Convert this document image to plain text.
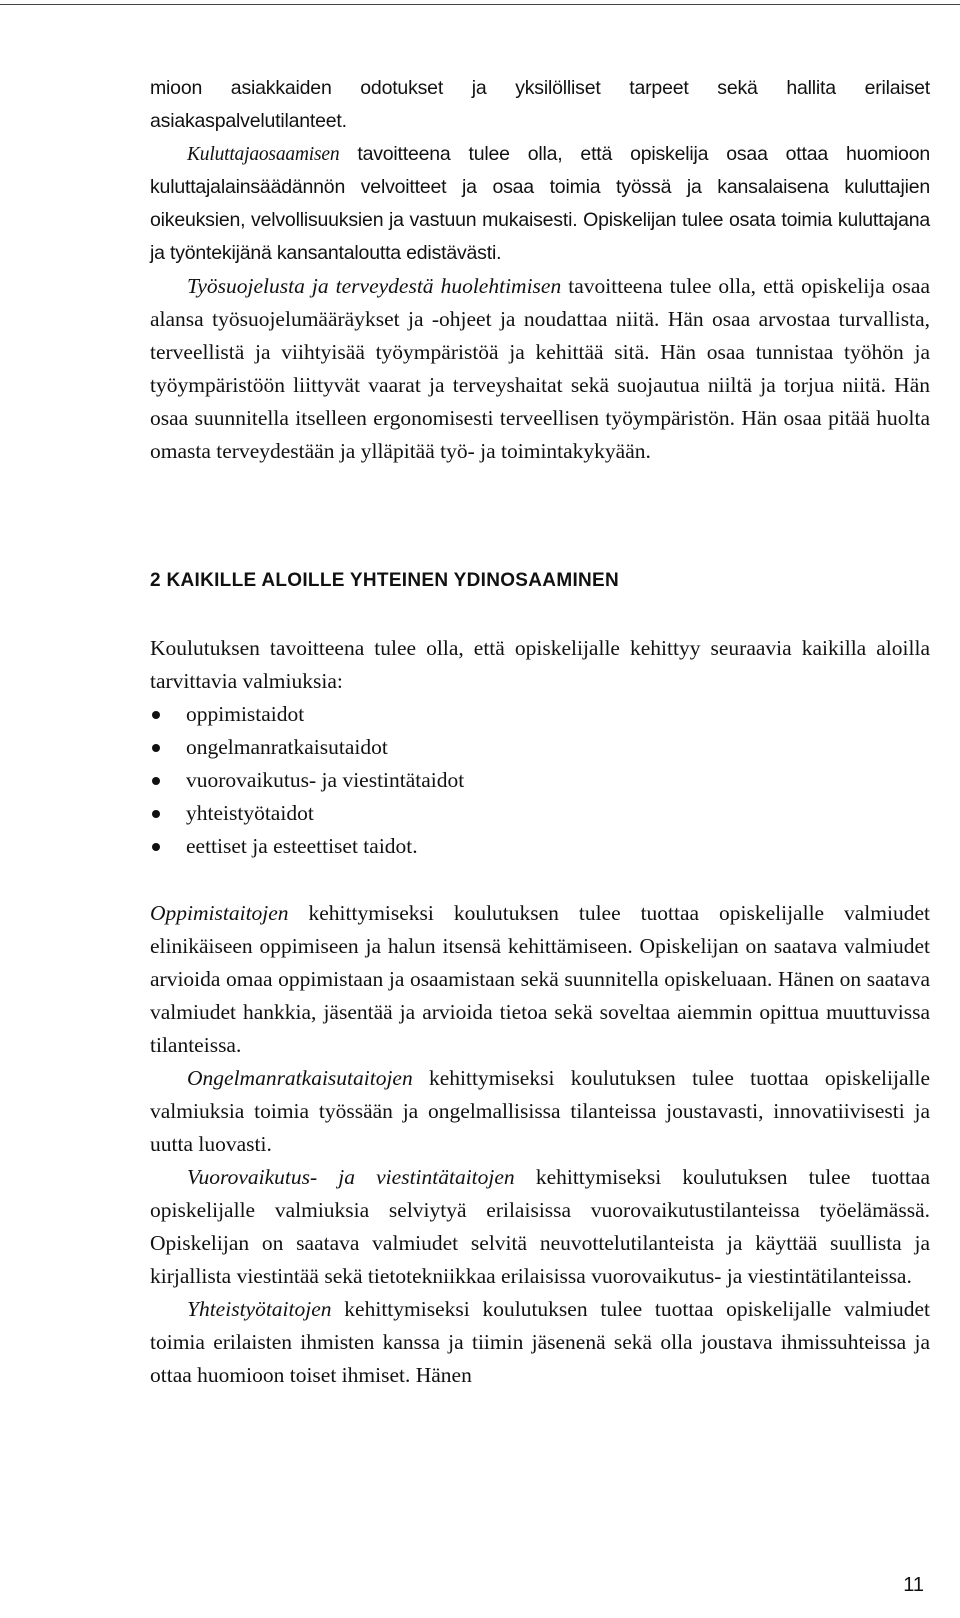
mioon asiakkaiden odotukset ja yksilölliset tarpeet sekä hallita erilaiset asiakaspalvelutilanteet.

Kuluttajaosaamisen tavoitteena tulee olla, että opiskelija osaa ottaa huomioon kuluttajalainsäädännön velvoitteet ja osaa toimia työssä ja kansalaisena kuluttajien oikeuksien, velvollisuuksien ja vastuun mukaisesti. Opiskelijan tulee osata toimia kuluttajana ja työntekijänä kansantaloutta edistävästi.

Työsuojelusta ja terveydestä huolehtimisen tavoitteena tulee olla, että opiskelija osaa alansa työsuojelumääräykset ja -ohjeet ja noudattaa niitä. Hän osaa arvostaa turvallista, terveellistä ja viihtyisää työympäristöä ja kehittää sitä. Hän osaa tunnistaa työhön ja työympäristöön liittyvät vaarat ja terveyshaitat sekä suojautua niiltä ja torjua niitä. Hän osaa suunnitella itselleen ergonomisesti terveellisen työympäristön. Hän osaa pitää huolta omasta terveydestään ja ylläpitää työ- ja toimintakykyään.

2 KAIKILLE ALOILLE YHTEINEN YDINOSAAMINEN

Koulutuksen tavoitteena tulee olla, että opiskelijalle kehittyy seuraavia kaikilla aloilla tarvittavia valmiuksia:

oppimistaidot
ongelmanratkaisutaidot
vuorovaikutus- ja viestintätaidot
yhteistyötaidot
eettiset ja esteettiset taidot.

Oppimistaitojen kehittymiseksi koulutuksen tulee tuottaa opiskelijalle valmiudet elinikäiseen oppimiseen ja halun itsensä kehittämiseen. Opiskelijan on saatava valmiudet arvioida omaa oppimistaan ja osaamistaan sekä suunnitella opiskeluaan. Hänen on saatava valmiudet hankkia, jäsentää ja arvioida tietoa sekä soveltaa aiemmin opittua muuttuvissa tilanteissa.

Ongelmanratkaisutaitojen kehittymiseksi koulutuksen tulee tuottaa opiskelijalle valmiuksia toimia työssään ja ongelmallisissa tilanteissa joustavasti, innovatiivisesti ja uutta luovasti.

Vuorovaikutus- ja viestintätaitojen kehittymiseksi koulutuksen tulee tuottaa opiskelijalle valmiuksia selviytyä erilaisissa vuorovaikutustilanteissa työelämässä. Opiskelijan on saatava valmiudet selvitä neuvottelutilanteista ja käyttää suullista ja kirjallista viestintää sekä tietotekniikkaa erilaisissa vuorovaikutus- ja viestintätilanteissa.

Yhteistyötaitojen kehittymiseksi koulutuksen tulee tuottaa opiskelijalle valmiudet toimia erilaisten ihmisten kanssa ja tiimin jäsenenä sekä olla joustava ihmissuhteissa ja ottaa huomioon toiset ihmiset. Hänen

11
